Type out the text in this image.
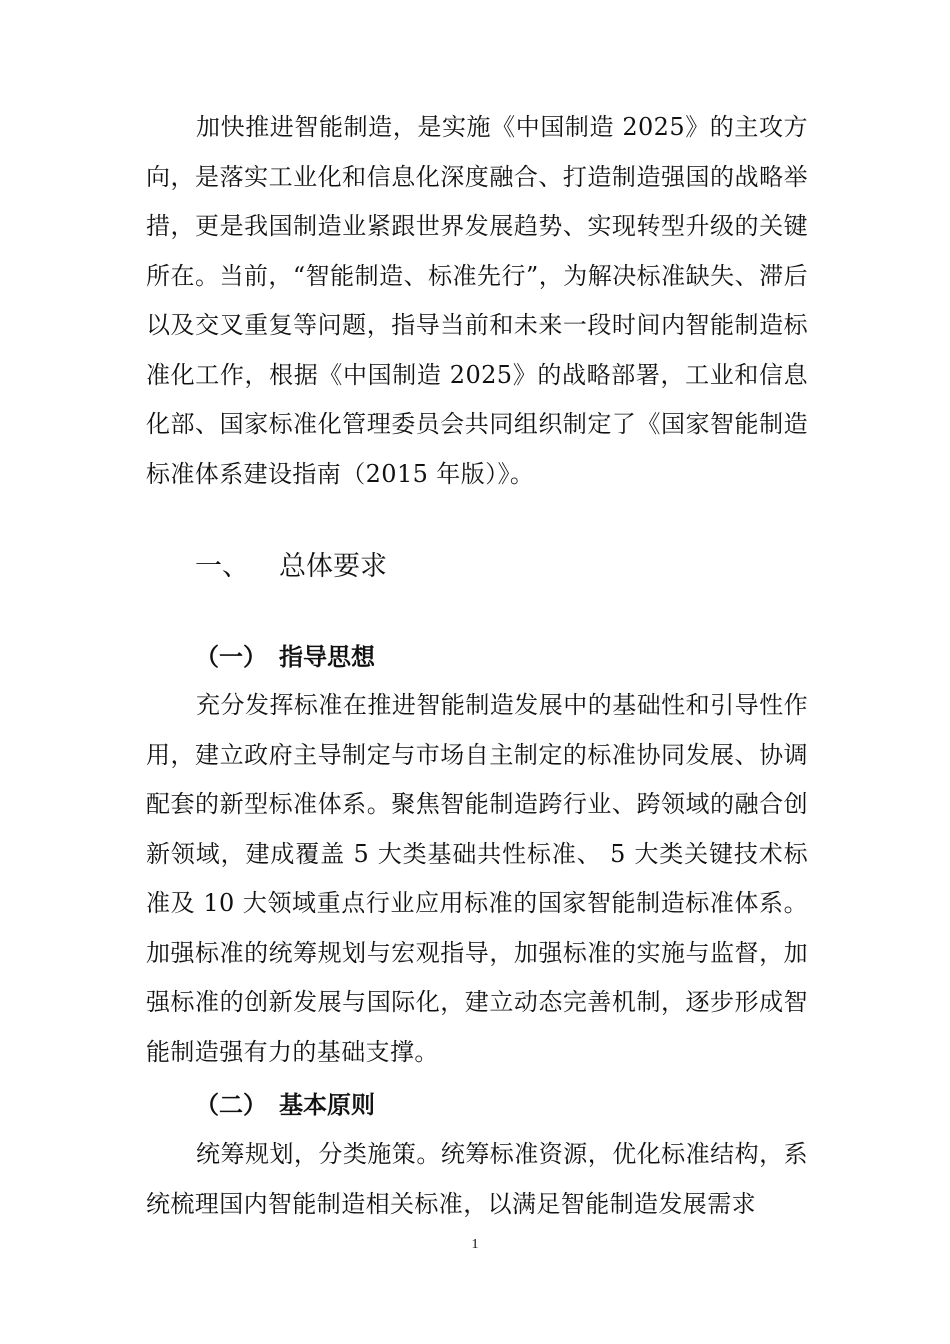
加快推进智能制造，是实施《中国制造 2025》的主攻方向，是落实工业化和信息化深度融合、打造制造强国的战略举措，更是我国制造业紧跟世界发展趋势、实现转型升级的关键所在。当前，“智能制造、标准先行”，为解决标准缺失、滞后以及交叉重复等问题，指导当前和未来一段时间内智能制造标准化工作，根据《中国制造 2025》的战略部署，工业和信息化部、国家标准化管理委员会共同组织制定了《国家智能制造标准体系建设指南（2015 年版）》。

一、 总体要求
（一） 指导思想

充分发挥标准在推进智能制造发展中的基础性和引导性作用，建立政府主导制定与市场自主制定的标准协同发展、协调配套的新型标准体系。聚焦智能制造跨行业、跨领域的融合创新领域，建成覆盖 5 大类基础共性标准、 5 大类关键技术标准及 10 大领域重点行业应用标准的国家智能制造标准体系。加强标准的统筹规划与宏观指导，加强标准的实施与监督，加强标准的创新发展与国际化，建立动态完善机制，逐步形成智能制造强有力的基础支撑。

（二） 基本原则

统筹规划，分类施策。统筹标准资源，优化标准结构，系统梳理国内智能制造相关标准，以满足智能制造发展需求

1
